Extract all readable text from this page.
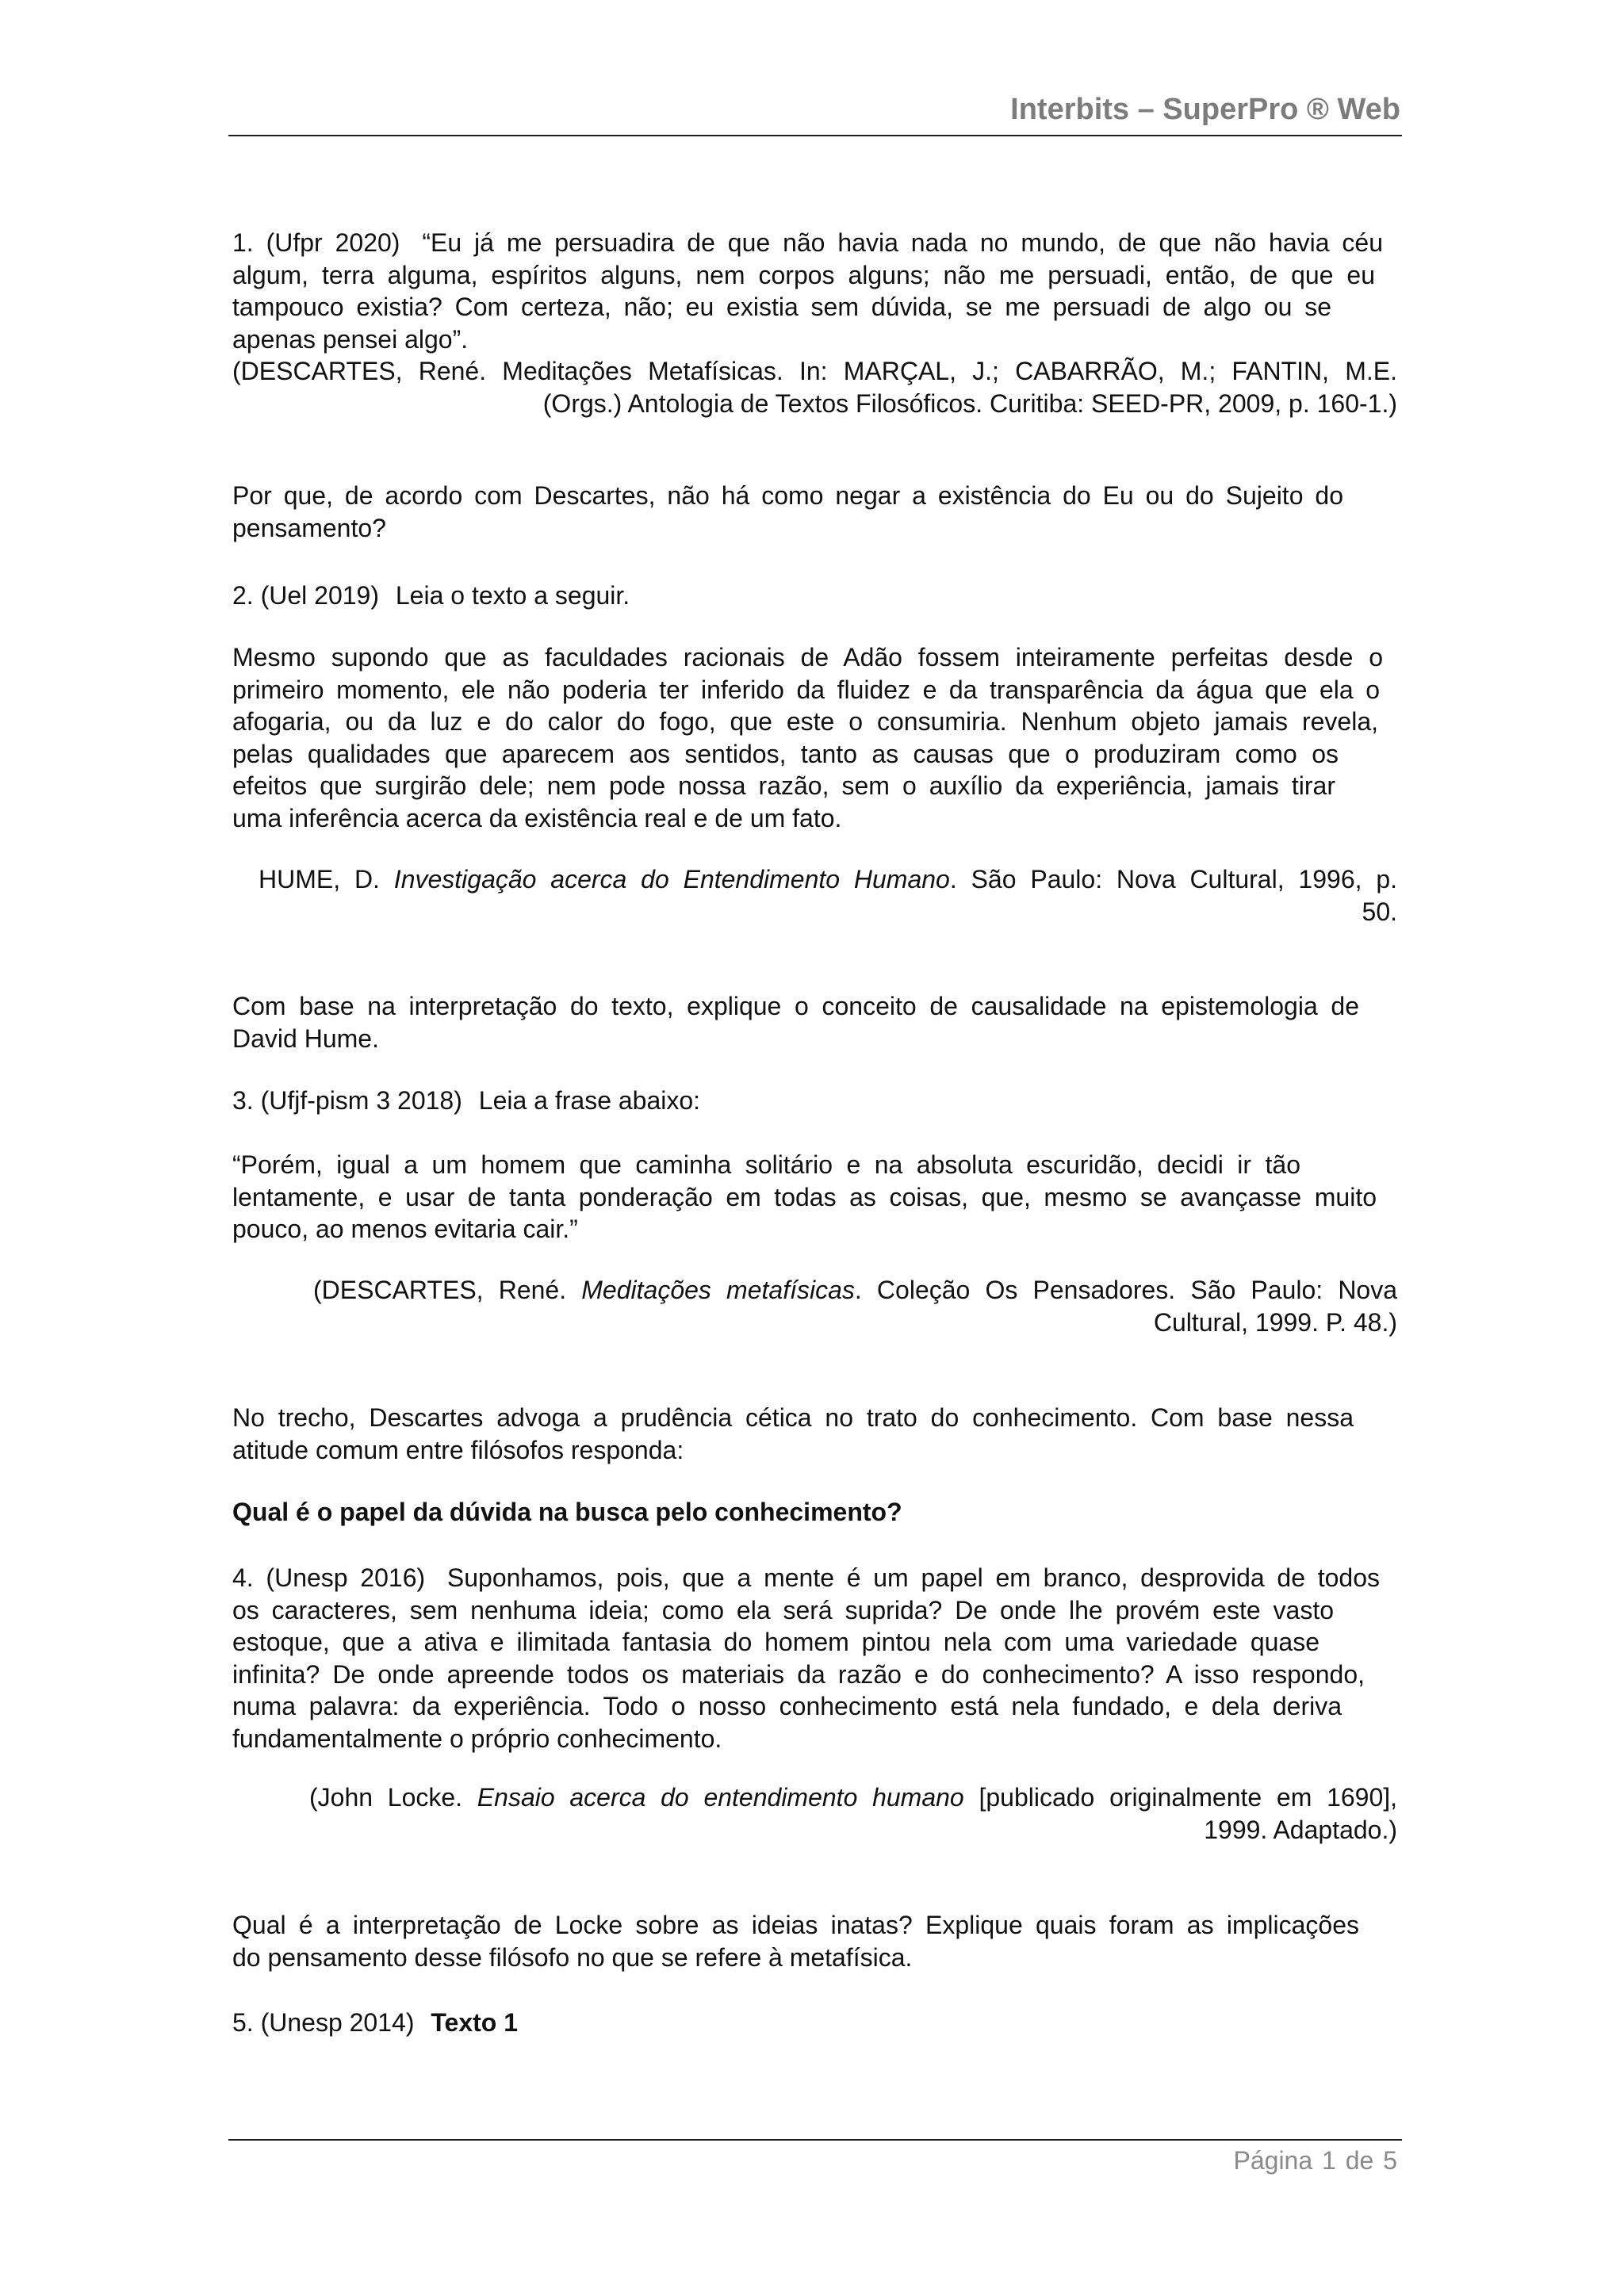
Interbits – SuperPro ® Web
1. (Ufpr 2020) “Eu já me persuadira de que não havia nada no mundo, de que não havia céu
algum, terra alguma, espíritos alguns, nem corpos alguns; não me persuadi, então, de que eu
tampouco existia? Com certeza, não; eu existia sem dúvida, se me persuadi de algo ou se
apenas pensei algo”.
(DESCARTES, René. Meditações Metafísicas. In: MARÇAL, J.; CABARRÃO, M.; FANTIN, M.E.
(Orgs.) Antologia de Textos Filosóficos. Curitiba: SEED-PR, 2009, p. 160-1.)
Por que, de acordo com Descartes, não há como negar a existência do Eu ou do Sujeito do
pensamento?
2. (Uel 2019) Leia o texto a seguir.
Mesmo supondo que as faculdades racionais de Adão fossem inteiramente perfeitas desde o
primeiro momento, ele não poderia ter inferido da fluidez e da transparência da água que ela o
afogaria, ou da luz e do calor do fogo, que este o consumiria. Nenhum objeto jamais revela,
pelas qualidades que aparecem aos sentidos, tanto as causas que o produziram como os
efeitos que surgirão dele; nem pode nossa razão, sem o auxílio da experiência, jamais tirar
uma inferência acerca da existência real e de um fato.
HUME, D. Investigação acerca do Entendimento Humano. São Paulo: Nova Cultural, 1996, p.
50.
Com base na interpretação do texto, explique o conceito de causalidade na epistemologia de
David Hume.
3. (Ufjf-pism 3 2018) Leia a frase abaixo:
“Porém, igual a um homem que caminha solitário e na absoluta escuridão, decidi ir tão
lentamente, e usar de tanta ponderação em todas as coisas, que, mesmo se avançasse muito
pouco, ao menos evitaria cair.”
(DESCARTES, René. Meditações metafísicas. Coleção Os Pensadores. São Paulo: Nova
Cultural, 1999. P. 48.)
No trecho, Descartes advoga a prudência cética no trato do conhecimento. Com base nessa
atitude comum entre filósofos responda:
Qual é o papel da dúvida na busca pelo conhecimento?
4. (Unesp 2016) Suponhamos, pois, que a mente é um papel em branco, desprovida de todos
os caracteres, sem nenhuma ideia; como ela será suprida? De onde lhe provém este vasto
estoque, que a ativa e ilimitada fantasia do homem pintou nela com uma variedade quase
infinita? De onde apreende todos os materiais da razão e do conhecimento? A isso respondo,
numa palavra: da experiência. Todo o nosso conhecimento está nela fundado, e dela deriva
fundamentalmente o próprio conhecimento.
(John Locke. Ensaio acerca do entendimento humano [publicado originalmente em 1690],
1999. Adaptado.)
Qual é a interpretação de Locke sobre as ideias inatas? Explique quais foram as implicações
do pensamento desse filósofo no que se refere à metafísica.
5. (Unesp 2014) Texto 1
Página 1 de 5
